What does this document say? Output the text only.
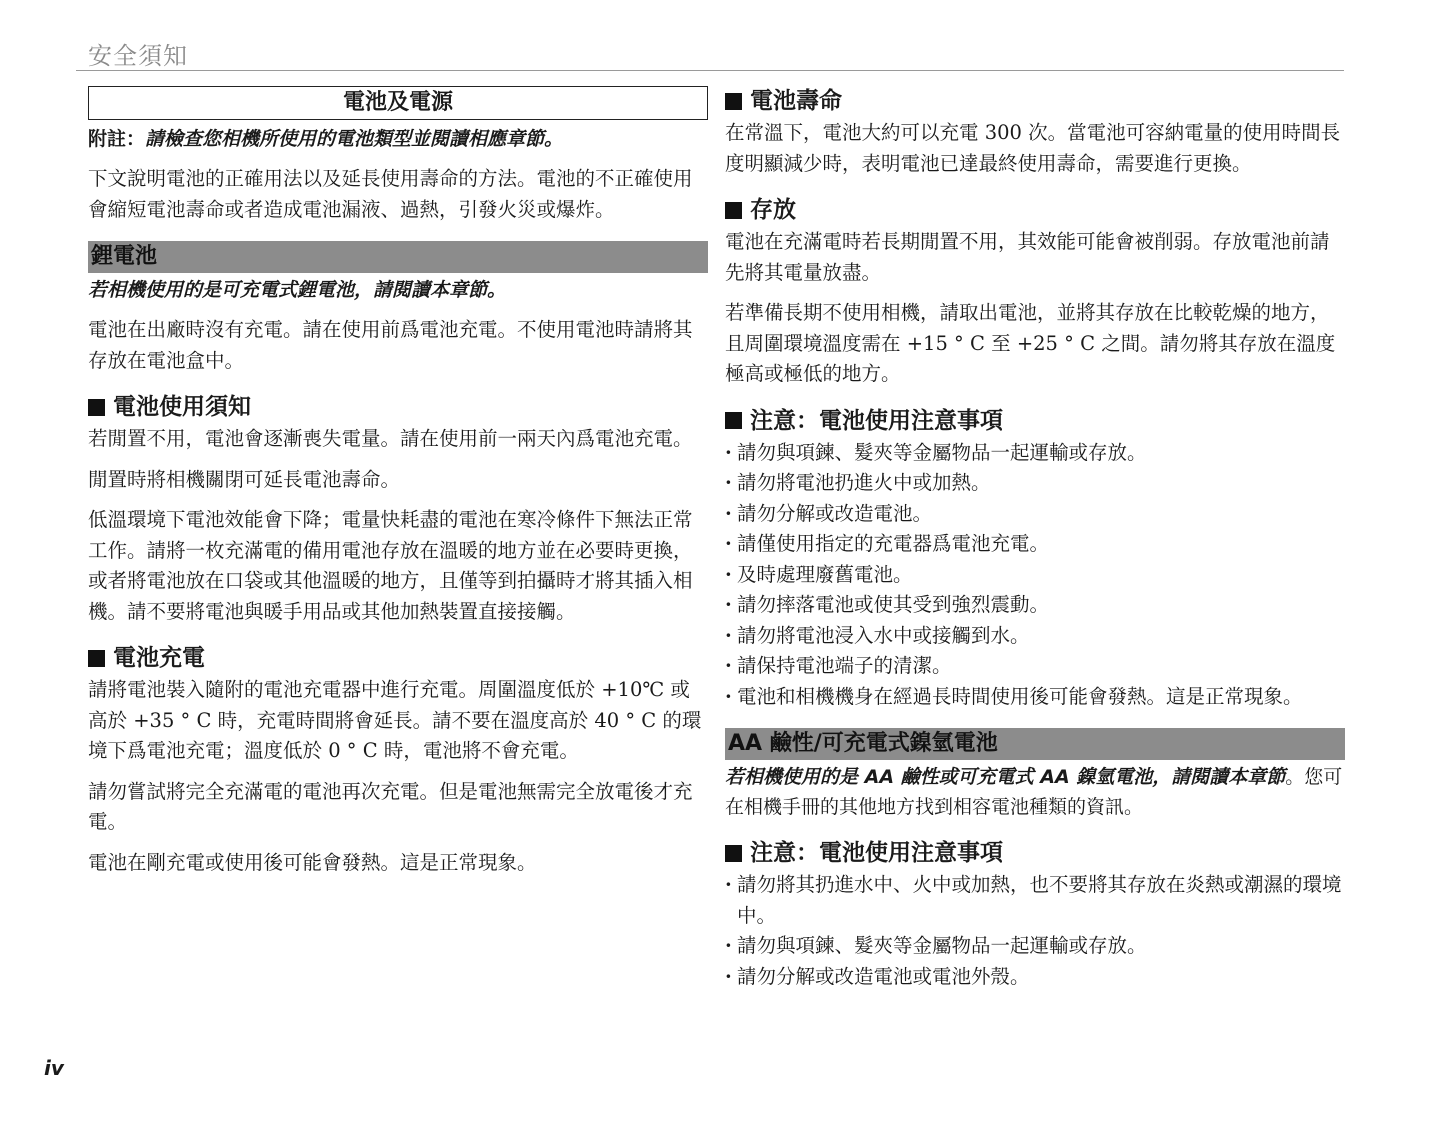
安全須知
電池及電源
附註：請檢查您相機所使用的電池類型並閱讀相應章節。

下文說明電池的正確用法以及延長使用壽命的方法。電池的不正確使用會縮短電池壽命或者造成電池漏液、過熱，引發火災或爆炸。

鋰電池
若相機使用的是可充電式鋰電池，請閱讀本章節。

電池在出廠時沒有充電。請在使用前爲電池充電。不使用電池時請將其存放在電池盒中。

電池使用須知

若閒置不用，電池會逐漸喪失電量。請在使用前一兩天內爲電池充電。

閒置時將相機關閉可延長電池壽命。

低溫環境下電池效能會下降；電量快耗盡的電池在寒冷條件下無法正常工作。請將一枚充滿電的備用電池存放在溫暖的地方並在必要時更換，或者將電池放在口袋或其他溫暖的地方，且僅等到拍攝時才將其插入相機。請不要將電池與暖手用品或其他加熱裝置直接接觸。

電池充電

請將電池裝入隨附的電池充電器中進行充電。周圍溫度低於 +10℃ 或高於 +35 ° C 時，充電時間將會延長。請不要在溫度高於 40 ° C 的環境下爲電池充電；溫度低於 0 ° C 時，電池將不會充電。

請勿嘗試將完全充滿電的電池再次充電。但是電池無需完全放電後才充電。

電池在剛充電或使用後可能會發熱。這是正常現象。

電池壽命

在常溫下，電池大約可以充電 300 次。當電池可容納電量的使用時間長度明顯減少時，表明電池已達最終使用壽命，需要進行更換。

存放

電池在充滿電時若長期閒置不用，其效能可能會被削弱。存放電池前請先將其電量放盡。

若準備長期不使用相機，請取出電池，並將其存放在比較乾燥的地方，且周圍環境溫度需在 +15 ° C 至 +25 ° C 之間。請勿將其存放在溫度極高或極低的地方。

注意：電池使用注意事項
· 請勿與項鍊、髮夾等金屬物品一起運輸或存放。
· 請勿將電池扔進火中或加熱。
· 請勿分解或改造電池。
· 請僅使用指定的充電器爲電池充電。
· 及時處理廢舊電池。
· 請勿摔落電池或使其受到強烈震動。
· 請勿將電池浸入水中或接觸到水。
· 請保持電池端子的清潔。
· 電池和相機機身在經過長時間使用後可能會發熱。這是正常現象。
AA 鹼性/可充電式鎳氫電池
若相機使用的是 AA 鹼性或可充電式 AA 鎳氫電池，請閱讀本章節。您可在相機手冊的其他地方找到相容電池種類的資訊。
注意：電池使用注意事項
· 請勿將其扔進水中、火中或加熱，也不要將其存放在炎熱或潮濕的環境中。
· 請勿與項鍊、髮夾等金屬物品一起運輸或存放。
· 請勿分解或改造電池或電池外殼。
iv
